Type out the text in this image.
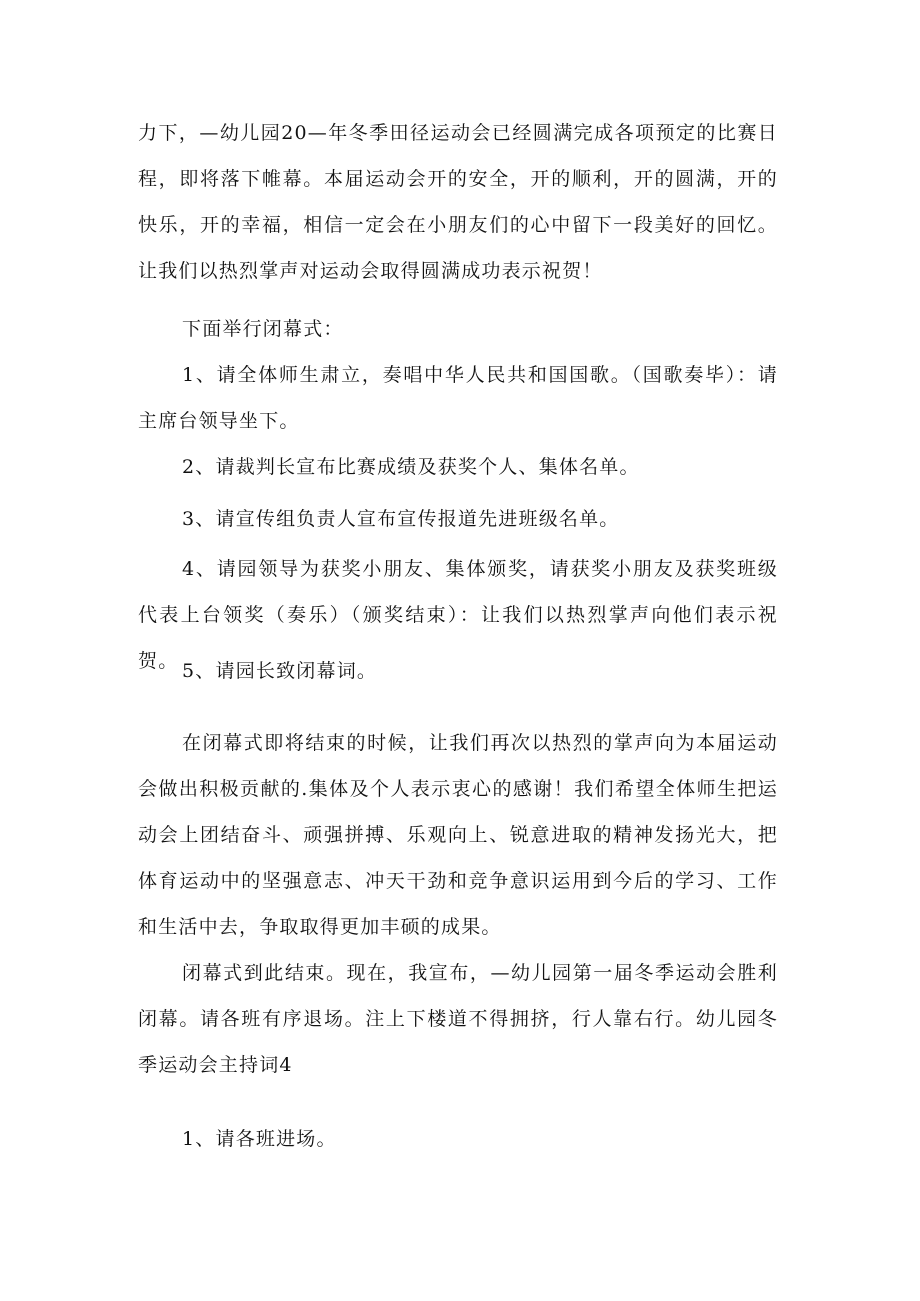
力下，—幼儿园20—年冬季田径运动会已经圆满完成各项预定的比赛日程，即将落下帷幕。本届运动会开的安全，开的顺利，开的圆满，开的快乐，开的幸福，相信一定会在小朋友们的心中留下一段美好的回忆。让我们以热烈掌声对运动会取得圆满成功表示祝贺！

下面举行闭幕式：

1、请全体师生肃立，奏唱中华人民共和国国歌。（国歌奏毕）：请主席台领导坐下。

2、请裁判长宣布比赛成绩及获奖个人、集体名单。

3、请宣传组负责人宣布宣传报道先进班级名单。

4、请园领导为获奖小朋友、集体颁奖，请获奖小朋友及获奖班级代表上台领奖（奏乐）（颁奖结束）：让我们以热烈掌声向他们表示祝贺。 5、请园长致闭幕词。

在闭幕式即将结束的时候，让我们再次以热烈的掌声向为本届运动会做出积极贡献的.集体及个人表示衷心的感谢！我们希望全体师生把运动会上团结奋斗、顽强拼搏、乐观向上、锐意进取的精神发扬光大，把体育运动中的坚强意志、冲天干劲和竞争意识运用到今后的学习、工作和生活中去，争取取得更加丰硕的成果。

闭幕式到此结束。现在，我宣布，—幼儿园第一届冬季运动会胜利闭幕。请各班有序退场。注上下楼道不得拥挤，行人靠右行。幼儿园冬季运动会主持词4

1、请各班进场。
